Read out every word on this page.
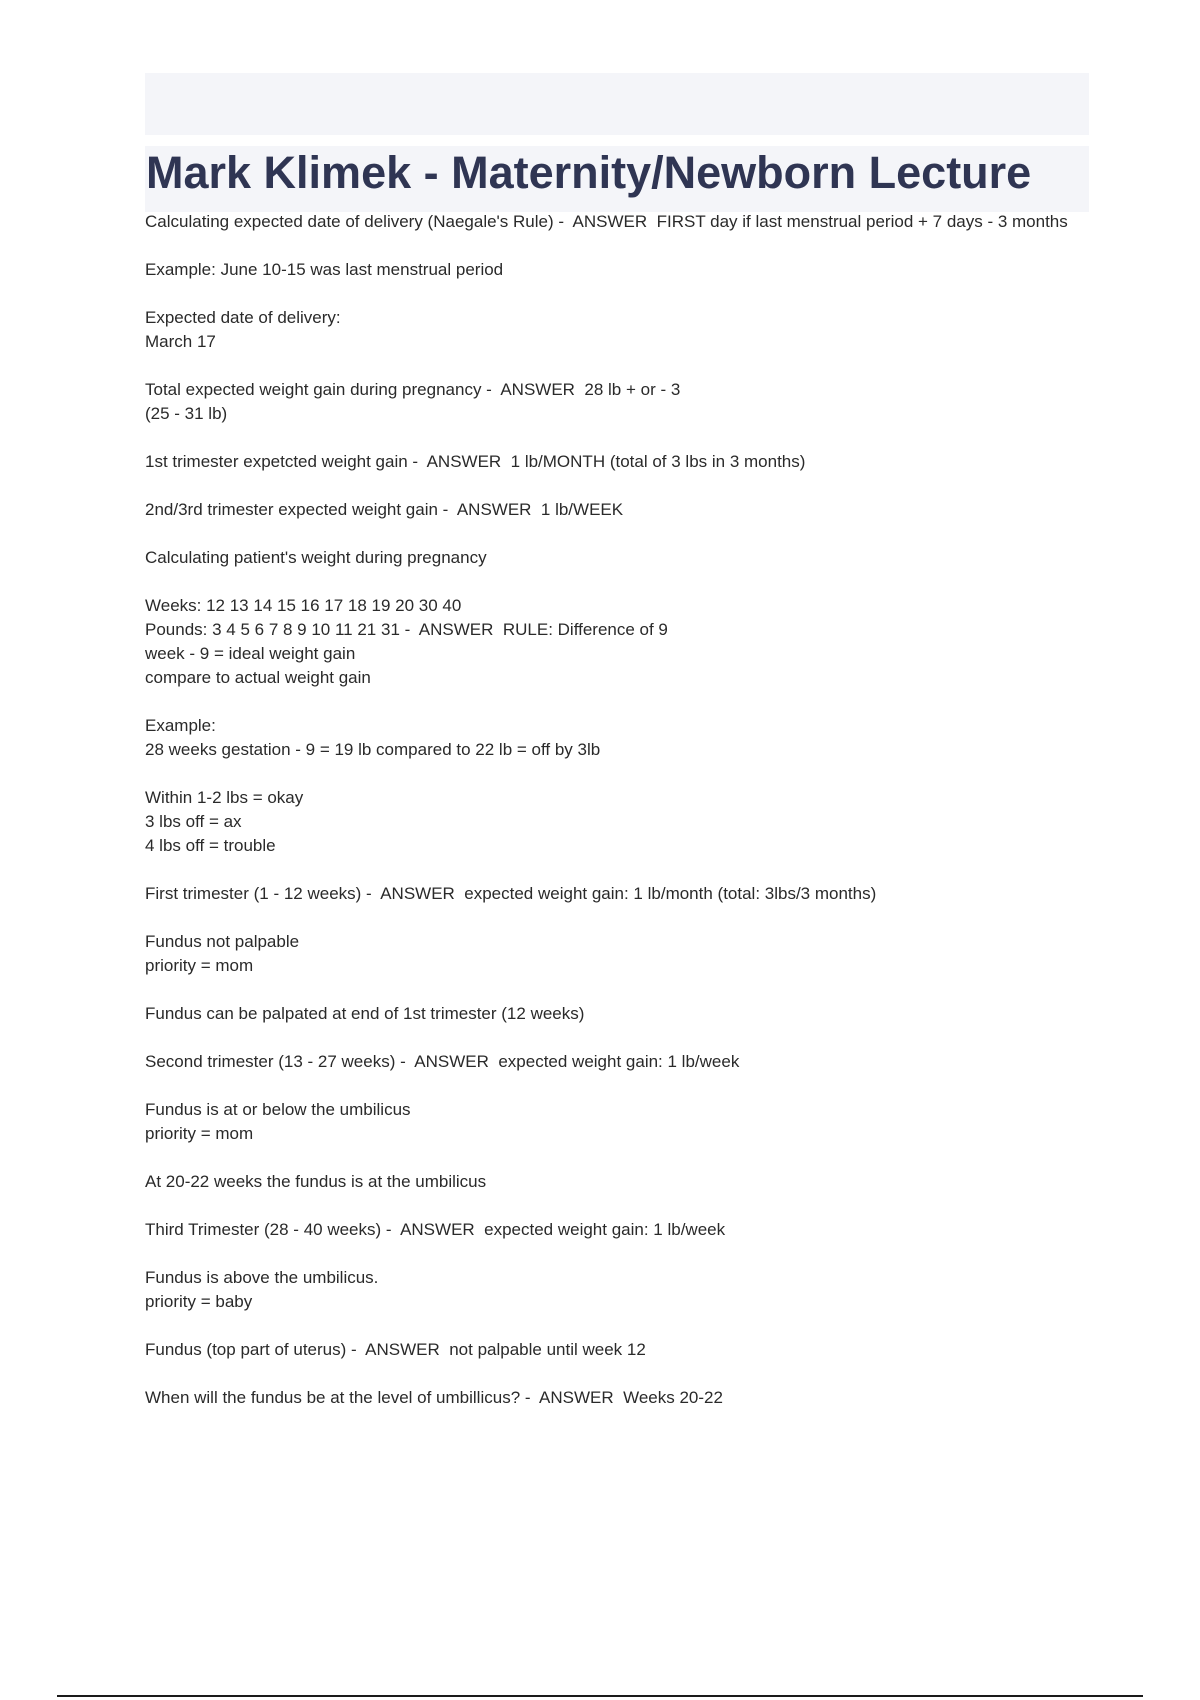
Mark Klimek - Maternity/Newborn Lecture
Calculating expected date of delivery (Naegale's Rule) -  ANSWER  FIRST day if last menstrual period + 7 days - 3 months
Example: June 10-15 was last menstrual period
Expected date of delivery:
March 17
Total expected weight gain during pregnancy -  ANSWER  28 lb + or - 3
(25 - 31 lb)
1st trimester expetcted weight gain -  ANSWER  1 lb/MONTH (total of 3 lbs in 3 months)
2nd/3rd trimester expected weight gain -  ANSWER  1 lb/WEEK
Calculating patient's weight during pregnancy
Weeks: 12 13 14 15 16 17 18 19 20 30 40
Pounds: 3 4 5 6 7 8 9 10 11 21 31 -  ANSWER  RULE: Difference of 9
week - 9 = ideal weight gain
compare to actual weight gain
Example:
28 weeks gestation - 9 = 19 lb compared to 22 lb = off by 3lb
Within 1-2 lbs = okay
3 lbs off = ax
4 lbs off = trouble
First trimester (1 - 12 weeks) -  ANSWER  expected weight gain: 1 lb/month (total: 3lbs/3 months)
Fundus not palpable
priority = mom
Fundus can be palpated at end of 1st trimester (12 weeks)
Second trimester (13 - 27 weeks) -  ANSWER  expected weight gain: 1 lb/week
Fundus is at or below the umbilicus
priority = mom
At 20-22 weeks the fundus is at the umbilicus
Third Trimester (28 - 40 weeks) -  ANSWER  expected weight gain: 1 lb/week
Fundus is above the umbilicus.
priority = baby
Fundus (top part of uterus) -  ANSWER  not palpable until week 12
When will the fundus be at the level of umbillicus? -  ANSWER  Weeks 20-22
